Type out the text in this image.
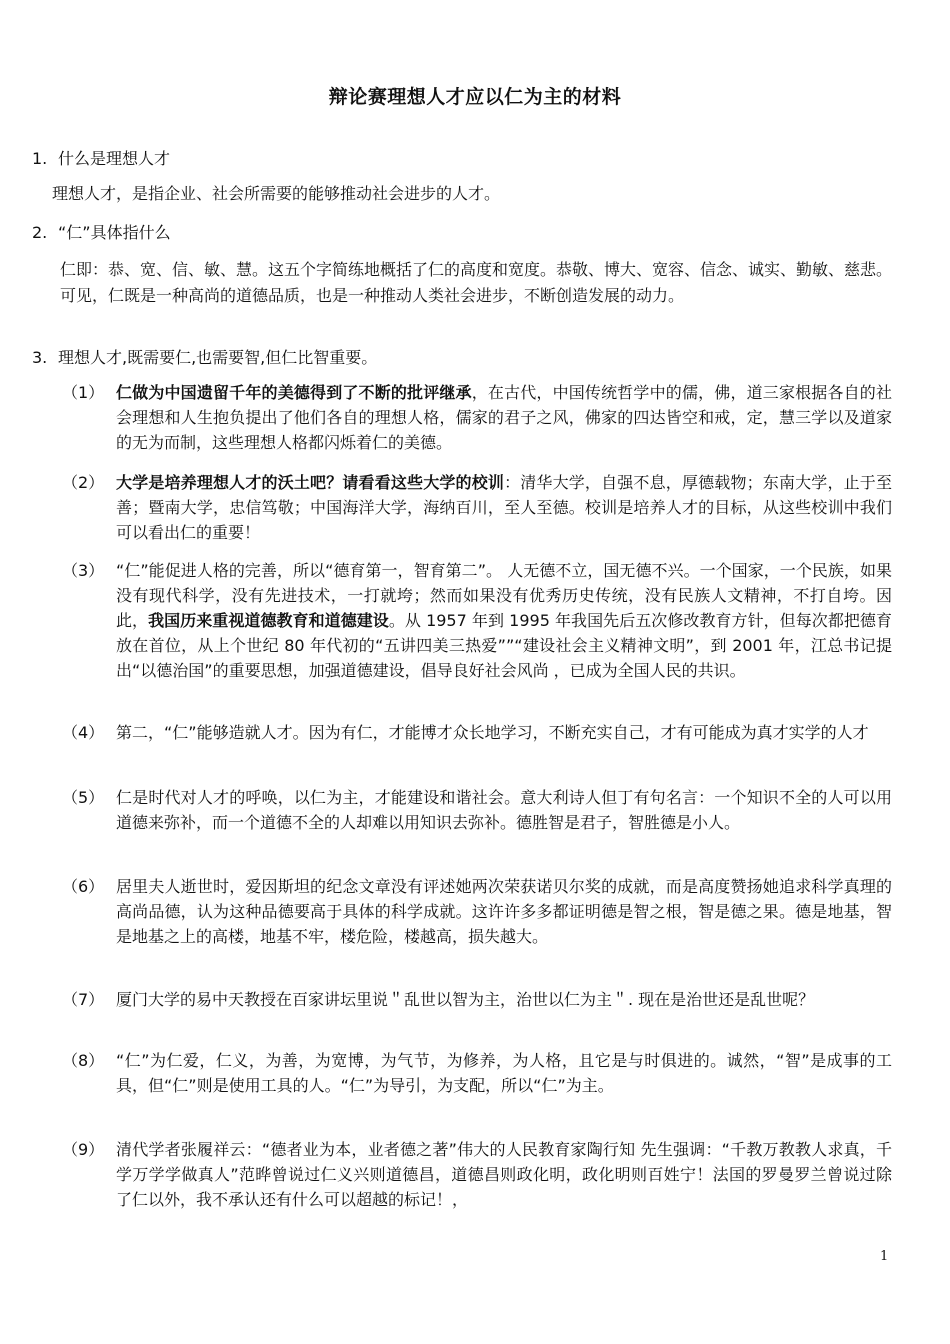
辩论赛理想人才应以仁为主的材料
1. 什么是理想人才
理想人才，是指企业、社会所需要的能够推动社会进步的人才。
2. “仁”具体指什么
仁即：恭、宽、信、敏、慧。这五个字简练地概括了仁的高度和宽度。恭敬、博大、宽容、信念、诚实、勤敏、慈悲。可见，仁既是一种高尚的道德品质，也是一种推动人类社会进步，不断创造发展的动力。
3. 理想人才,既需要仁,也需要智,但仁比智重要。
（1） 仁做为中国遗留千年的美德得到了不断的批评继承，在古代，中国传统哲学中的儒，佛，道三家根据各自的社会理想和人生抱负提出了他们各自的理想人格，儒家的君子之风，佛家的四达皆空和戒，定，慧三学以及道家的无为而制，这些理想人格都闪烁着仁的美德。
（2） 大学是培养理想人才的沃土吧？请看看这些大学的校训：清华大学，自强不息，厚德载物；东南大学，止于至善；暨南大学，忠信笃敬；中国海洋大学，海纳百川，至人至德。校训是培养人才的目标，从这些校训中我们可以看出仁的重要！
（3） “仁”能促进人格的完善，所以“德育第一，智育第二”。 人无德不立，国无德不兴。一个国家，一个民族，如果没有现代科学，没有先进技术，一打就垮；然而如果没有优秀历史传统，没有民族人文精神，不打自垮。因此，我国历来重视道德教育和道德建设。从 1957 年到 1995 年我国先后五次修改教育方针，但每次都把德育放在首位，从上个世纪 80 年代初的“五讲四美三热爱””“建设社会主义精神文明”，到 2001 年，江总书记提出“以德治国”的重要思想，加强道德建设，倡导良好社会风尚 ，已成为全国人民的共识。
（4） 第二，“仁”能够造就人才。因为有仁，才能博才众长地学习，不断充实自己，才有可能成为真才实学的人才
（5） 仁是时代对人才的呼唤，以仁为主，才能建设和谐社会。意大利诗人但丁有句名言：一个知识不全的人可以用道德来弥补，而一个道德不全的人却难以用知识去弥补。德胜智是君子，智胜德是小人。
（6） 居里夫人逝世时，爱因斯坦的纪念文章没有评述她两次荣获诺贝尔奖的成就，而是高度赞扬她追求科学真理的高尚品德，认为这种品德要高于具体的科学成就。这许许多多都证明德是智之根，智是德之果。德是地基，智是地基之上的高楼，地基不牢，楼危险，楼越高，损失越大。
（7） 厦门大学的易中天教授在百家讲坛里说＂乱世以智为主，治世以仁为主＂. 现在是治世还是乱世呢？
（8） “仁”为仁爱，仁义，为善，为宽博，为气节，为修养，为人格，且它是与时俱进的。诚然，“智”是成事的工具，但“仁”则是使用工具的人。“仁”为导引，为支配，所以“仁”为主。
（9） 清代学者张履祥云：“德者业为本，业者德之著”伟大的人民教育家陶行知 先生强调：“千教万教教人求真，千学万学学做真人”范晔曾说过仁义兴则道德昌，道德昌则政化明，政化明则百姓宁！法国的罗曼罗兰曾说过除了仁以外，我不承认还有什么可以超越的标记！，
1
